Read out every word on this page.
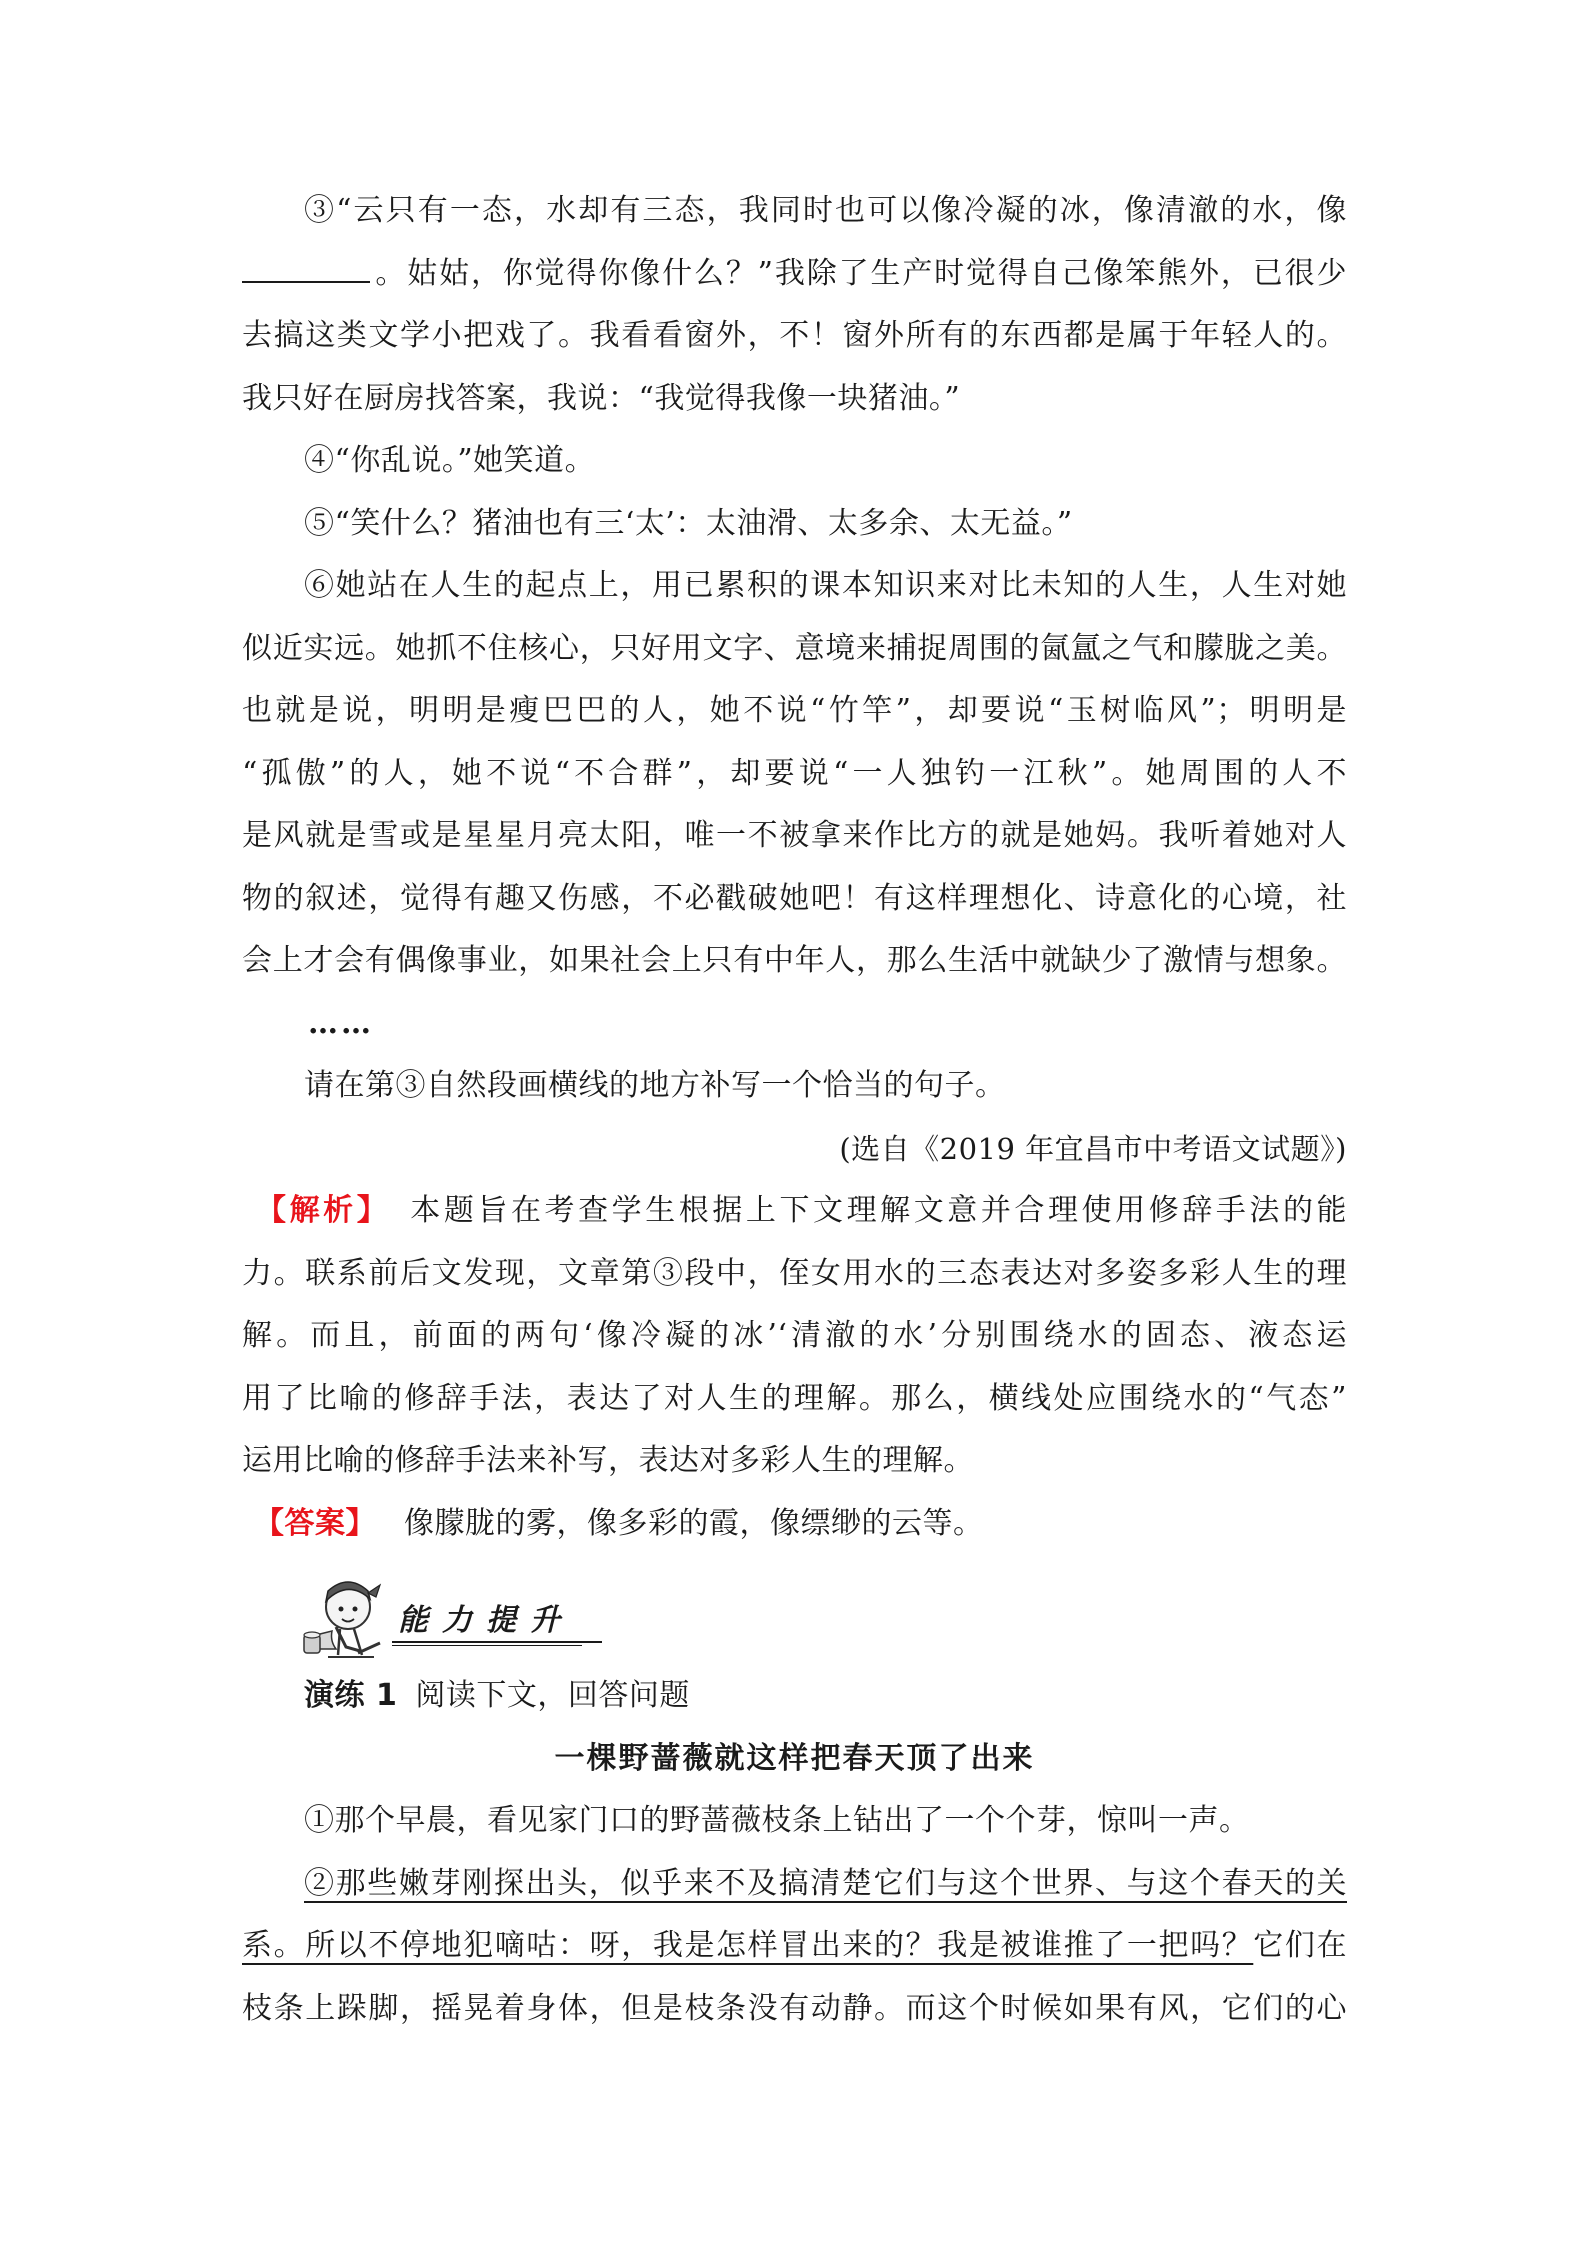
③“云只有一态，水却有三态，我同时也可以像冷凝的冰，像清澈的水，像
。姑姑，你觉得你像什么？”我除了生产时觉得自己像笨熊外，已很少
去搞这类文学小把戏了。我看看窗外，不！窗外所有的东西都是属于年轻人的。
我只好在厨房找答案，我说：“我觉得我像一块猪油。”
④“你乱说。”她笑道。
⑤“笑什么？猪油也有三‘太’：太油滑、太多余、太无益。”
⑥她站在人生的起点上，用已累积的课本知识来对比未知的人生，人生对她
似近实远。她抓不住核心，只好用文字、意境来捕捉周围的氤氲之气和朦胧之美。
也就是说，明明是瘦巴巴的人，她不说“竹竿”，却要说“玉树临风”；明明是
“孤傲”的人，她不说“不合群”，却要说“一人独钓一江秋”。她周围的人不
是风就是雪或是星星月亮太阳，唯一不被拿来作比方的就是她妈。我听着她对人
物的叙述，觉得有趣又伤感，不必戳破她吧！有这样理想化、诗意化的心境，社
会上才会有偶像事业，如果社会上只有中年人，那么生活中就缺少了激情与想象。
……
请在第③自然段画横线的地方补写一个恰当的句子。
(选自《2019 年宜昌市中考语文试题》)
【解析】 本题旨在考查学生根据上下文理解文意并合理使用修辞手法的能
力。联系前后文发现，文章第③段中，侄女用水的三态表达对多姿多彩人生的理
解。而且，前面的两句‘像冷凝的冰’‘清澈的水’分别围绕水的固态、液态运
用了比喻的修辞手法，表达了对人生的理解。那么，横线处应围绕水的“气态”
运用比喻的修辞手法来补写，表达对多彩人生的理解。
【答案】 像朦胧的雾，像多彩的霞，像缥缈的云等。
能力提升
演练 1 阅读下文，回答问题
一棵野蔷薇就这样把春天顶了出来
①那个早晨，看见家门口的野蔷薇枝条上钻出了一个个芽，惊叫一声。
②那些嫩芽刚探出头，似乎来不及搞清楚它们与这个世界、与这个春天的关
系。所以不停地犯嘀咕：呀，我是怎样冒出来的？我是被谁推了一把吗？它们在
枝条上跺脚，摇晃着身体，但是枝条没有动静。而这个时候如果有风，它们的心
